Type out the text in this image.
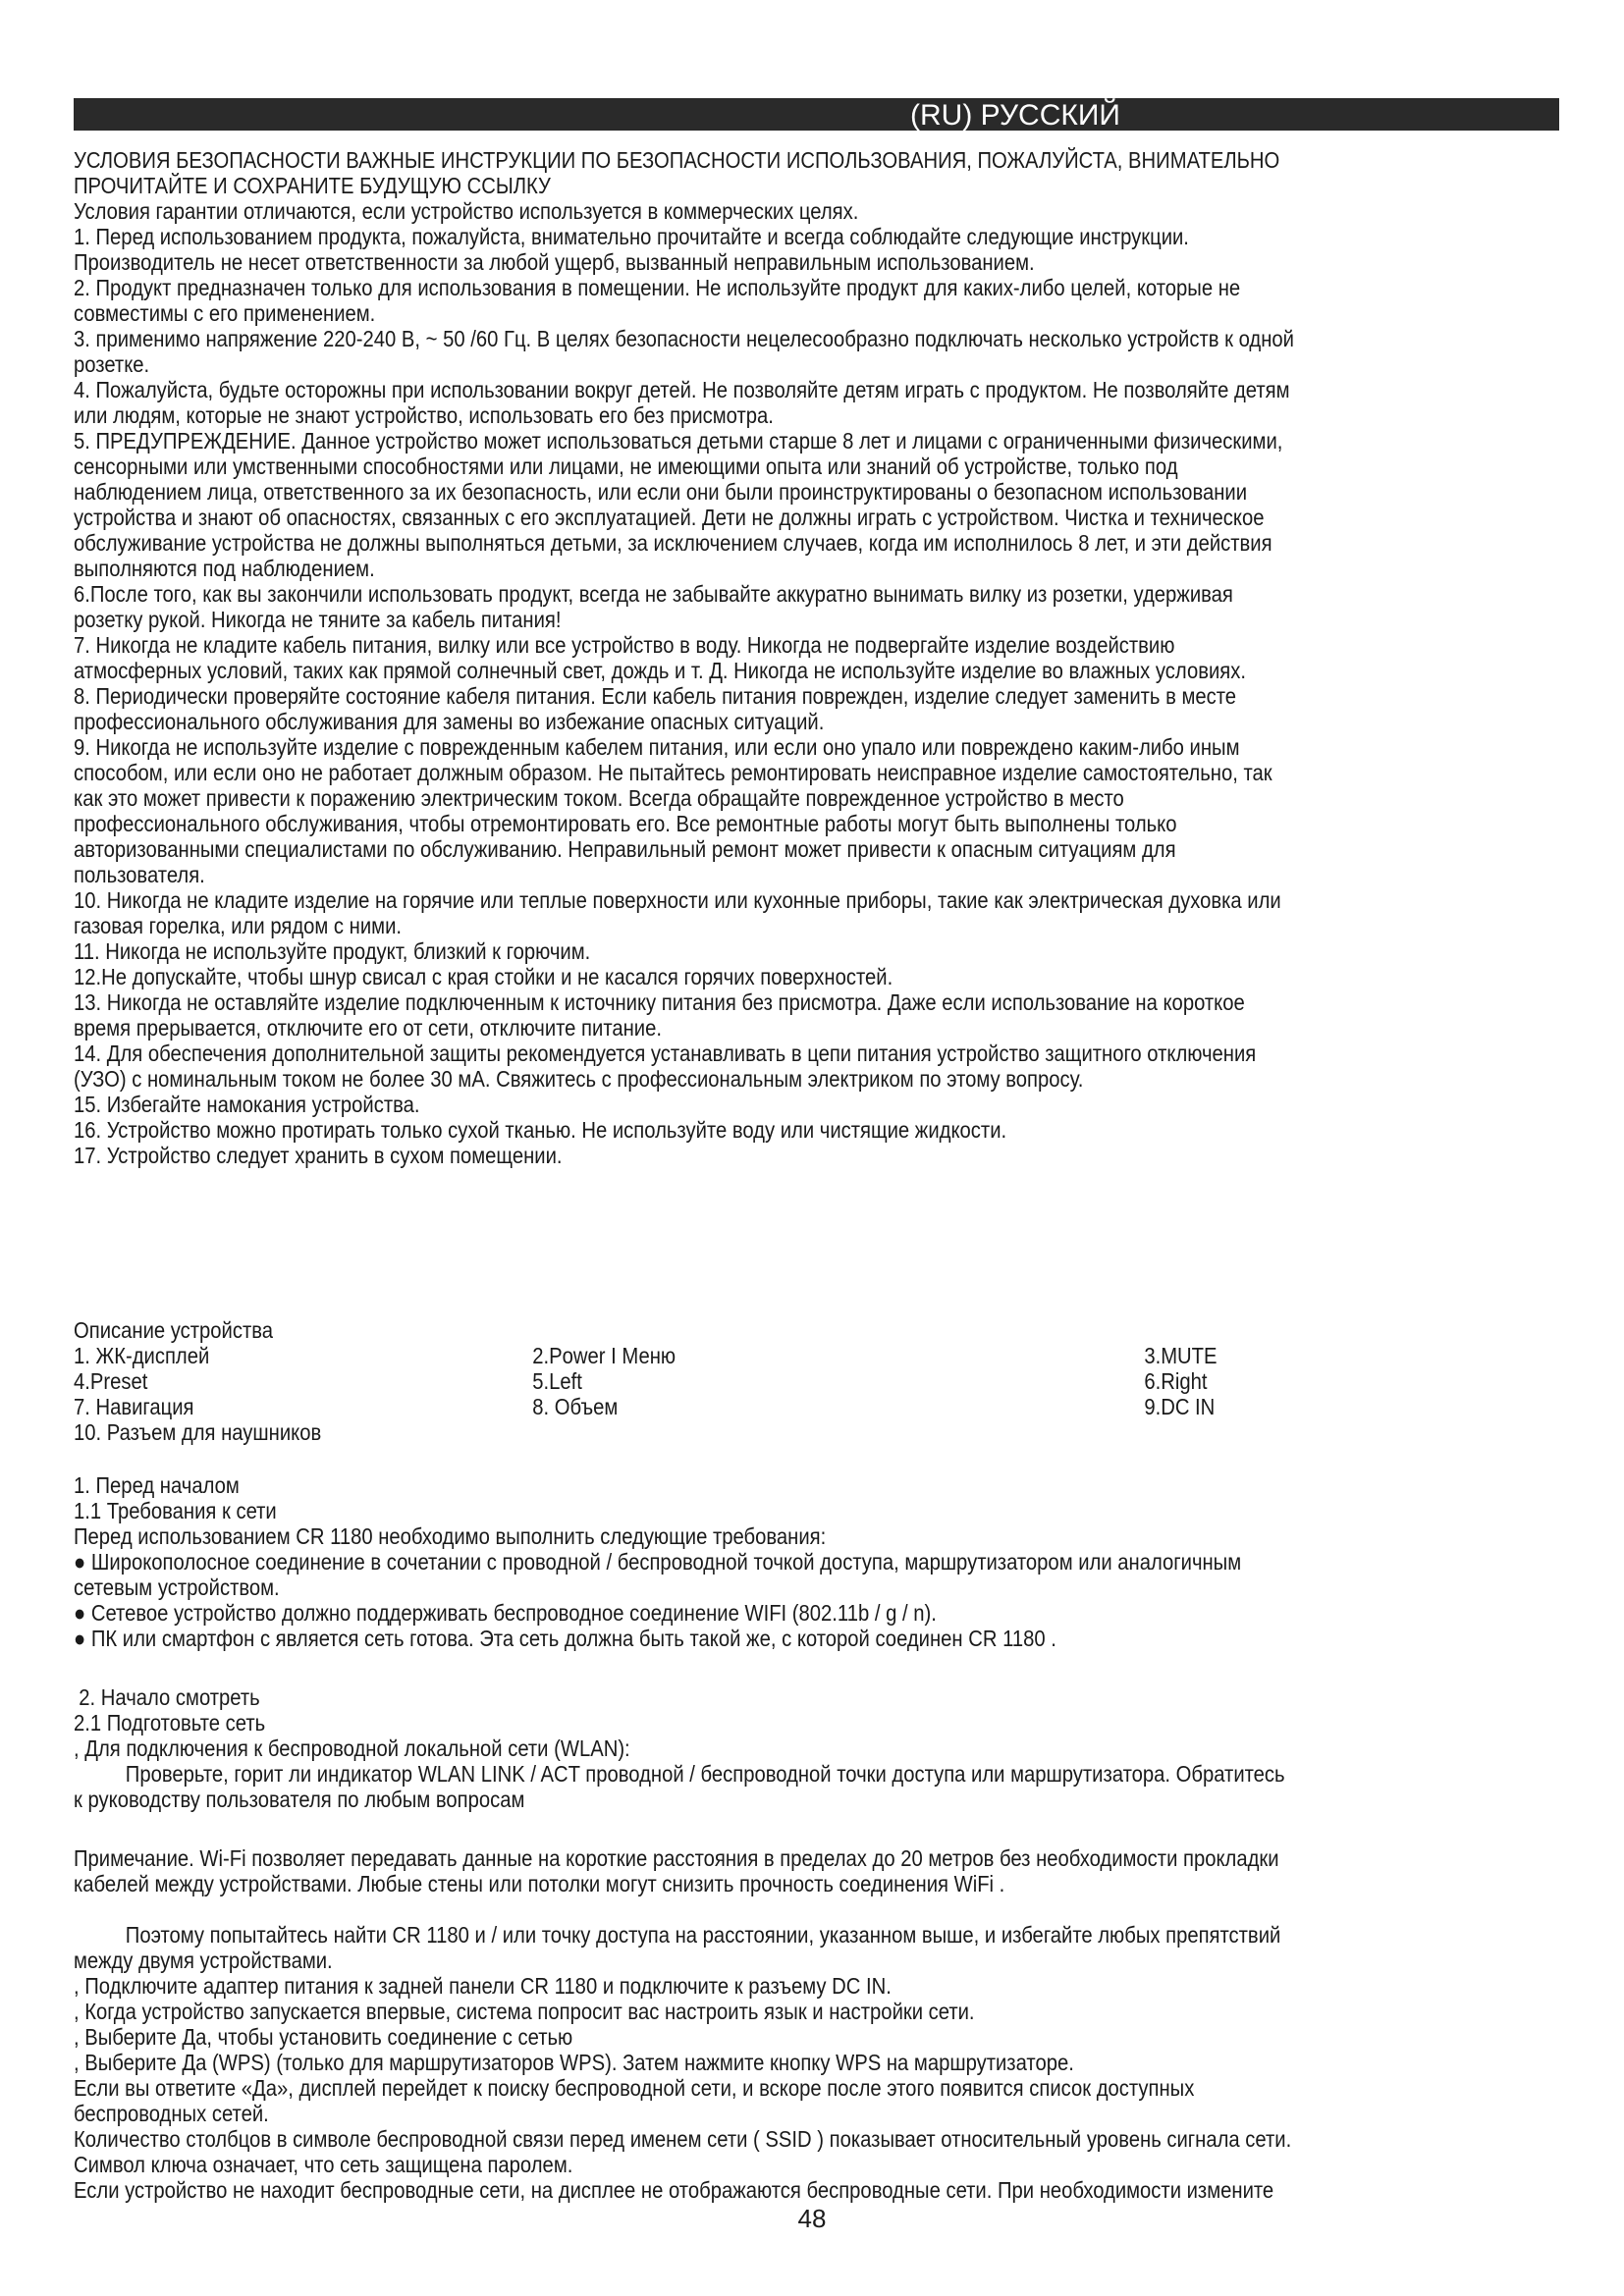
(RU) РУССКИЙ

УСЛОВИЯ БЕЗОПАСНОСТИ ВАЖНЫЕ ИНСТРУКЦИИ ПО БЕЗОПАСНОСТИ ИСПОЛЬЗОВАНИЯ, ПОЖАЛУЙСТА, ВНИМАТЕЛЬНО

ПРОЧИТАЙТЕ И СОХРАНИТЕ БУДУЩУЮ ССЫЛКУ

Условия гарантии отличаются, если устройство используется в коммерческих целях.

1. Перед использованием продукта, пожалуйста, внимательно прочитайте и всегда соблюдайте следующие инструкции.

Производитель не несет ответственности за любой ущерб, вызванный неправильным использованием.

2. Продукт предназначен только для использования в помещении. Не используйте продукт для каких-либо целей, которые не

совместимы с его применением.

3. применимо напряжение 220-240 В, ~ 50 /60 Гц. В целях безопасности нецелесообразно подключать несколько устройств к одной

розетке.

4. Пожалуйста, будьте осторожны при использовании вокруг детей. Не позволяйте детям играть с продуктом. Не позволяйте детям

или людям, которые не знают устройство, использовать его без присмотра.

5. ПРЕДУПРЕЖДЕНИЕ. Данное устройство может использоваться детьми старше 8 лет и лицами с ограниченными физическими,

сенсорными или умственными способностями или лицами, не имеющими опыта или знаний об устройстве, только под

наблюдением лица, ответственного за их безопасность, или если они были проинструктированы о безопасном использовании

устройства и знают об опасностях, связанных с его эксплуатацией. Дети не должны играть с устройством. Чистка и техническое

обслуживание устройства не должны выполняться детьми, за исключением случаев, когда им исполнилось 8 лет, и эти действия

выполняются под наблюдением.

6.После того, как вы закончили использовать продукт, всегда не забывайте аккуратно вынимать вилку из розетки, удерживая

розетку рукой. Никогда не тяните за кабель питания!

7. Никогда не кладите кабель питания, вилку или все устройство в воду. Никогда не подвергайте изделие воздействию

атмосферных условий, таких как прямой солнечный свет, дождь и т. Д. Никогда не используйте изделие во влажных условиях.

8. Периодически проверяйте состояние кабеля питания. Если кабель питания поврежден, изделие следует заменить в месте

профессионального обслуживания для замены во избежание опасных ситуаций.

9. Никогда не используйте изделие с поврежденным кабелем питания, или если оно упало или повреждено каким-либо иным

способом, или если оно не работает должным образом. Не пытайтесь ремонтировать неисправное изделие самостоятельно, так

как это может привести к поражению электрическим током. Всегда обращайте поврежденное устройство в место

профессионального обслуживания, чтобы отремонтировать его. Все ремонтные работы могут быть выполнены только

авторизованными специалистами по обслуживанию. Неправильный ремонт может привести к опасным ситуациям для

пользователя.

10. Никогда не кладите изделие на горячие или теплые поверхности или кухонные приборы, такие как электрическая духовка или

газовая горелка, или рядом с ними.

11. Никогда не используйте продукт, близкий к горючим.

12.Не допускайте, чтобы шнур свисал с края стойки и не касался горячих поверхностей.

13. Никогда не оставляйте изделие подключенным к источнику питания без присмотра. Даже если использование на короткое

время прерывается, отключите его от сети, отключите питание.

14. Для обеспечения дополнительной защиты рекомендуется устанавливать в цепи питания устройство защитного отключения

(УЗО) с номинальным током не более 30 мА. Свяжитесь с профессиональным электриком по этому вопросу.

15. Избегайте намокания устройства.

16. Устройство можно протирать только сухой тканью. Не используйте воду или чистящие жидкости.

17. Устройство следует хранить в сухом помещении.

Описание устройства
1. ЖК-дисплей	2.Power I Меню	3.MUTE
4.Preset	5.Left	6.Right
7. Навигация	8. Объем	9.DC IN
10. Разъем для наушников

1. Перед началом

1.1 Требования к сети

Перед использованием CR 1180 необходимо выполнить следующие требования:

● Широкополосное соединение в сочетании с проводной / беспроводной точкой доступа, маршрутизатором или аналогичным

сетевым устройством.

● Сетевое устройство должно поддерживать беспроводное соединение WIFI (802.11b / g / n).

● ПК или смартфон с является сеть готова. Эта сеть должна быть такой же, с которой соединен CR 1180 .

2. Начало смотреть

2.1 Подготовьте сеть

, Для подключения к беспроводной локальной сети (WLAN):

Проверьте, горит ли индикатор WLAN LINK / ACT проводной / беспроводной точки доступа или маршрутизатора. Обратитесь

к руководству пользователя по любым вопросам

Примечание. Wi-Fi позволяет передавать данные на короткие расстояния в пределах до 20 метров без необходимости прокладки

кабелей между устройствами. Любые стены или потолки могут снизить прочность соединения WiFi .

Поэтому попытайтесь найти CR 1180 и / или точку доступа на расстоянии, указанном выше, и избегайте любых препятствий

между двумя устройствами.

, Подключите адаптер питания к задней панели CR 1180 и подключите к разъему DC IN.

, Когда устройство запускается впервые, система попросит вас настроить язык и настройки сети.

, Выберите Да, чтобы установить соединение с сетью

, Выберите Да (WPS) (только для маршрутизаторов WPS). Затем нажмите кнопку WPS на маршрутизаторе.

Если вы ответите «Да», дисплей перейдет к поиску беспроводной сети, и вскоре после этого появится список доступных

беспроводных сетей.

Количество столбцов в символе беспроводной связи перед именем сети ( SSID ) показывает относительный уровень сигнала сети.

Символ ключа означает, что сеть защищена паролем.

Если устройство не находит беспроводные сети, на дисплее не отображаются беспроводные сети. При необходимости измените

48
